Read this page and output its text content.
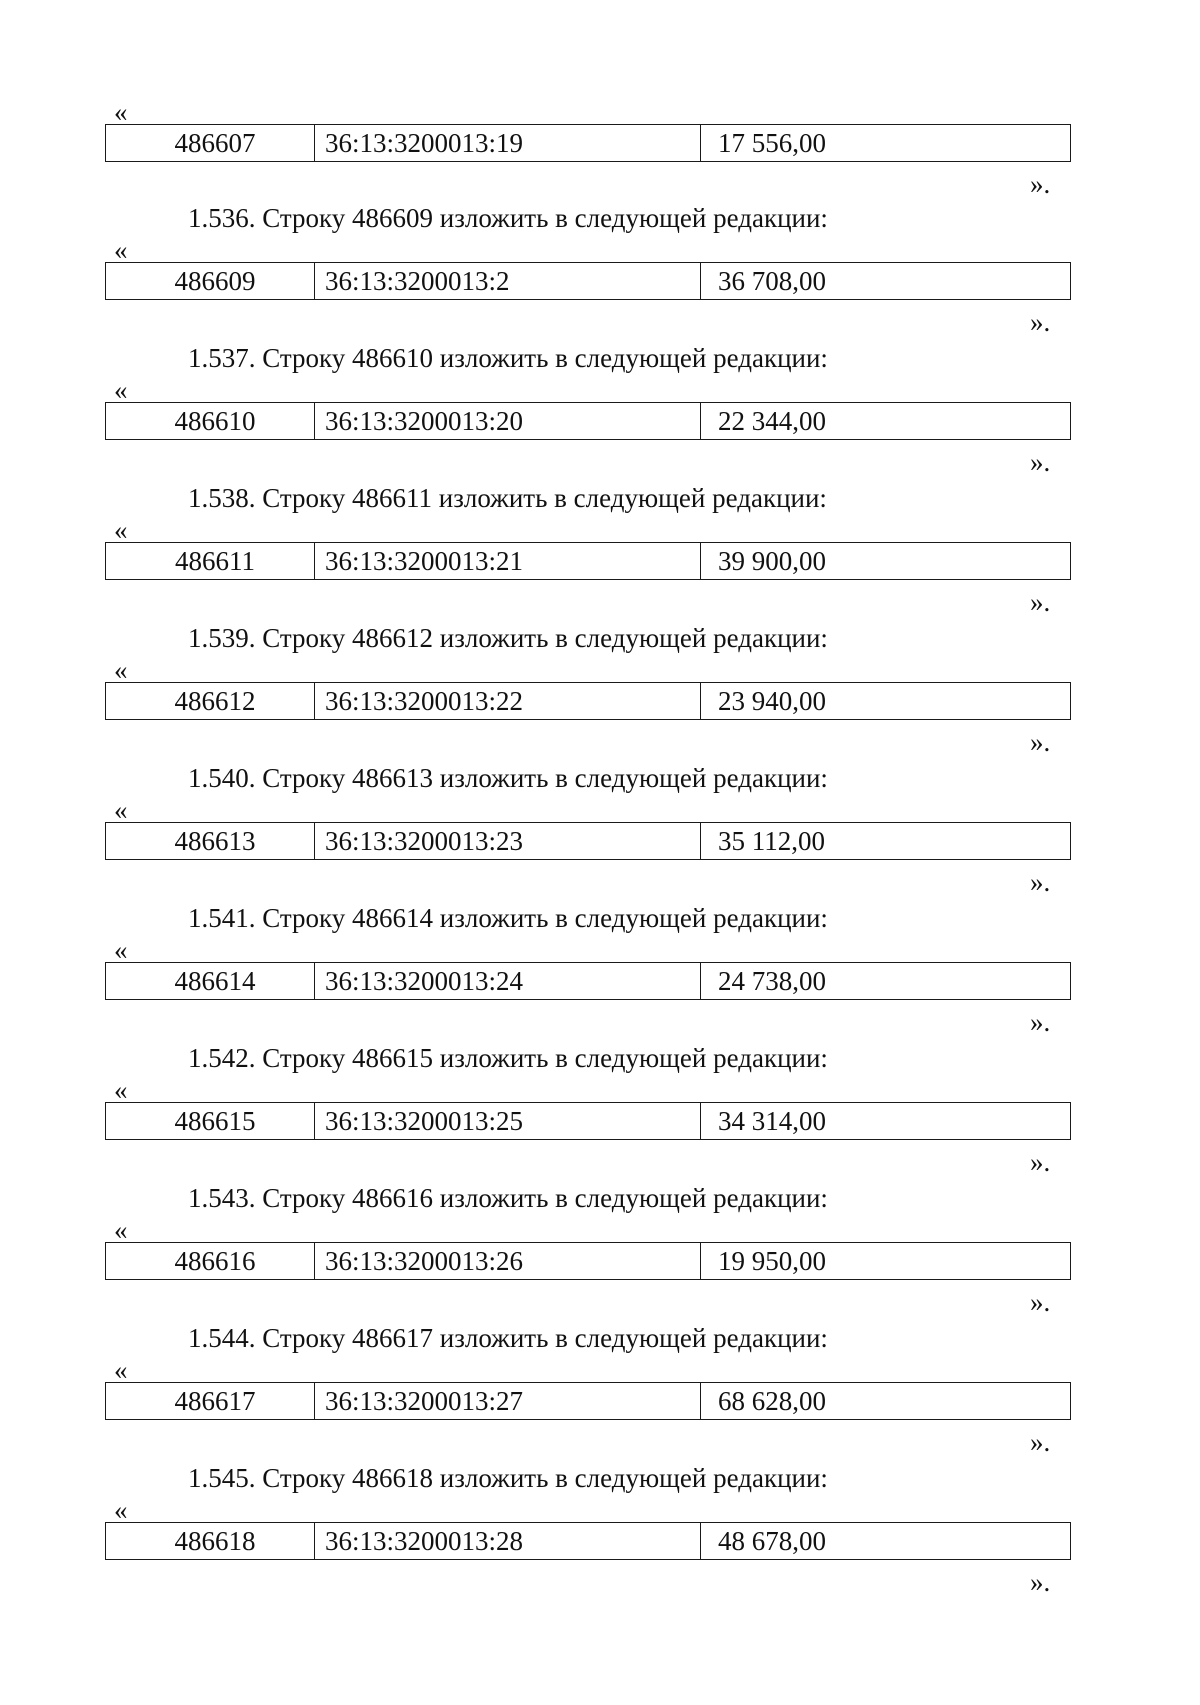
«
486607	36:13:3200013:19	17 556,00
».
1.536. Строку 486609 изложить в следующей редакции:
«
486609	36:13:3200013:2	36 708,00
».
1.537. Строку 486610 изложить в следующей редакции:
«
486610	36:13:3200013:20	22 344,00
».
1.538. Строку 486611 изложить в следующей редакции:
«
486611	36:13:3200013:21	39 900,00
».
1.539. Строку 486612 изложить в следующей редакции:
«
486612	36:13:3200013:22	23 940,00
».
1.540. Строку 486613 изложить в следующей редакции:
«
486613	36:13:3200013:23	35 112,00
».
1.541. Строку 486614 изложить в следующей редакции:
«
486614	36:13:3200013:24	24 738,00
».
1.542. Строку 486615 изложить в следующей редакции:
«
486615	36:13:3200013:25	34 314,00
».
1.543. Строку 486616 изложить в следующей редакции:
«
486616	36:13:3200013:26	19 950,00
».
1.544. Строку 486617 изложить в следующей редакции:
«
486617	36:13:3200013:27	68 628,00
».
1.545. Строку 486618 изложить в следующей редакции:
«
486618	36:13:3200013:28	48 678,00
».
